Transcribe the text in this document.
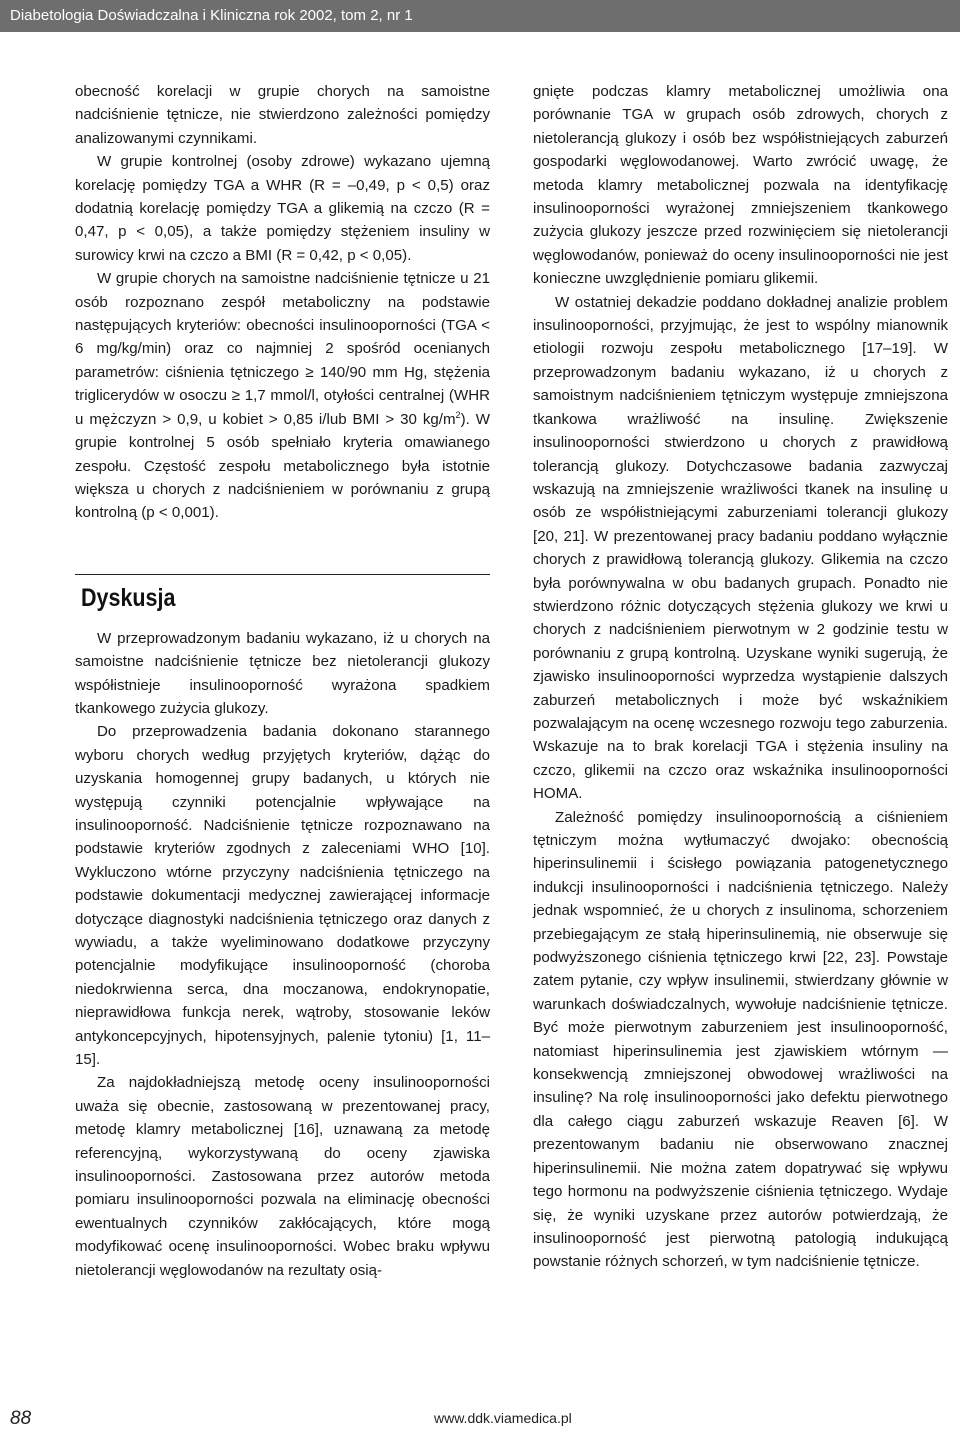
Diabetologia Doświadczalna i Kliniczna rok 2002, tom 2, nr 1

obecność korelacji w grupie chorych na samoistne nadciśnienie tętnicze, nie stwierdzono zależności pomiędzy analizowanymi czynnikami.

W grupie kontrolnej (osoby zdrowe) wykazano ujemną korelację pomiędzy TGA a WHR (R = –0,49, p < 0,5) oraz dodatnią korelację pomiędzy TGA a glikemią na czczo (R = 0,47, p < 0,05), a także pomiędzy stężeniem insuliny w surowicy krwi na czczo a BMI (R = 0,42, p < 0,05).

W grupie chorych na samoistne nadciśnienie tętnicze u 21 osób rozpoznano zespół metaboliczny na podstawie następujących kryteriów: obecności insulinooporności (TGA < 6 mg/kg/min) oraz co najmniej 2 spośród ocenianych parametrów: ciśnienia tętniczego ≥ 140/90 mm Hg, stężenia triglicerydów w osoczu ≥ 1,7 mmol/l, otyłości centralnej (WHR u mężczyzn > 0,9, u kobiet > 0,85 i/lub BMI > 30 $kg/m^2$). W grupie kontrolnej 5 osób spełniało kryteria omawianego zespołu. Częstość zespołu metabolicznego była istotnie większa u chorych z nadciśnieniem w porównaniu z grupą kontrolną (p < 0,001).

Dyskusja

W przeprowadzonym badaniu wykazano, iż u chorych na samoistne nadciśnienie tętnicze bez nietolerancji glukozy współistnieje insulinooporność wyrażona spadkiem tkankowego zużycia glukozy.

Do przeprowadzenia badania dokonano starannego wyboru chorych według przyjętych kryteriów, dążąc do uzyskania homogennej grupy badanych, u których nie występują czynniki potencjalnie wpływające na insulinooporność. Nadciśnienie tętnicze rozpoznawano na podstawie kryteriów zgodnych z zaleceniami WHO [10]. Wykluczono wtórne przyczyny nadciśnienia tętniczego na podstawie dokumentacji medycznej zawierającej informacje dotyczące diagnostyki nadciśnienia tętniczego oraz danych z wywiadu, a także wyeliminowano dodatkowe przyczyny potencjalnie modyfikujące insulinooporność (choroba niedokrwienna serca, dna moczanowa, endokrynopatie, nieprawidłowa funkcja nerek, wątroby, stosowanie leków antykoncepcyjnych, hipotensyjnych, palenie tytoniu) [1, 11–15].

Za najdokładniejszą metodę oceny insulinooporności uważa się obecnie, zastosowaną w prezentowanej pracy, metodę klamry metabolicznej [16], uznawaną za metodę referencyjną, wykorzystywaną do oceny zjawiska insulinooporności. Zastosowana przez autorów metoda pomiaru insulinooporności pozwala na eliminację obecności ewentualnych czynników zakłócających, które mogą modyfikować ocenę insulinooporności. Wobec braku wpływu nietolerancji węglowodanów na rezultaty osią-

gnięte podczas klamry metabolicznej umożliwia ona porównanie TGA w grupach osób zdrowych, chorych z nietolerancją glukozy i osób bez współistniejących zaburzeń gospodarki węglowodanowej. Warto zwrócić uwagę, że metoda klamry metabolicznej pozwala na identyfikację insulinooporności wyrażonej zmniejszeniem tkankowego zużycia glukozy jeszcze przed rozwinięciem się nietolerancji węglowodanów, ponieważ do oceny insulinooporności nie jest konieczne uwzględnienie pomiaru glikemii.

W ostatniej dekadzie poddano dokładnej analizie problem insulinooporności, przyjmując, że jest to wspólny mianownik etiologii rozwoju zespołu metabolicznego [17–19]. W przeprowadzonym badaniu wykazano, iż u chorych z samoistnym nadciśnieniem tętniczym występuje zmniejszona tkankowa wrażliwość na insulinę. Zwiększenie insulinooporności stwierdzono u chorych z prawidłową tolerancją glukozy. Dotychczasowe badania zazwyczaj wskazują na zmniejszenie wrażliwości tkanek na insulinę u osób ze współistniejącymi zaburzeniami tolerancji glukozy [20, 21]. W prezentowanej pracy badaniu poddano wyłącznie chorych z prawidłową tolerancją glukozy. Glikemia na czczo była porównywalna w obu badanych grupach. Ponadto nie stwierdzono różnic dotyczących stężenia glukozy we krwi u chorych z nadciśnieniem pierwotnym w 2 godzinie testu w porównaniu z grupą kontrolną. Uzyskane wyniki sugerują, że zjawisko insulinooporności wyprzedza wystąpienie dalszych zaburzeń metabolicznych i może być wskaźnikiem pozwalającym na ocenę wczesnego rozwoju tego zaburzenia. Wskazuje na to brak korelacji TGA i stężenia insuliny na czczo, glikemii na czczo oraz wskaźnika insulinooporności HOMA.

Zależność pomiędzy insulinoopornością a ciśnieniem tętniczym można wytłumaczyć dwojako: obecnością hiperinsulinemii i ścisłego powiązania patogenetycznego indukcji insulinooporności i nadciśnienia tętniczego. Należy jednak wspomnieć, że u chorych z insulinoma, schorzeniem przebiegającym ze stałą hiperinsulinemią, nie obserwuje się podwyższonego ciśnienia tętniczego krwi [22, 23]. Powstaje zatem pytanie, czy wpływ insulinemii, stwierdzany głównie w warunkach doświadczalnych, wywołuje nadciśnienie tętnicze. Być może pierwotnym zaburzeniem jest insulinooporność, natomiast hiperinsulinemia jest zjawiskiem wtórnym — konsekwencją zmniejszonej obwodowej wrażliwości na insulinę? Na rolę insulinooporności jako defektu pierwotnego dla całego ciągu zaburzeń wskazuje Reaven [6]. W prezentowanym badaniu nie obserwowano znacznej hiperinsulinemii. Nie można zatem dopatrywać się wpływu tego hormonu na podwyższenie ciśnienia tętniczego. Wydaje się, że wyniki uzyskane przez autorów potwierdzają, że insulinooporność jest pierwotną patologią indukującą powstanie różnych schorzeń, w tym nadciśnienie tętnicze.

88	www.ddk.viamedica.pl
